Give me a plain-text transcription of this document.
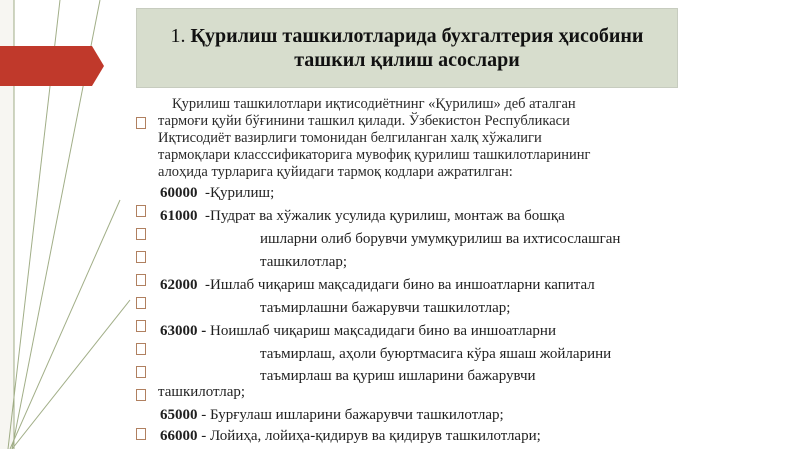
1. Қурилиш ташкилотларида бухгалтерия ҳисобини
ташкил қилиш асослари

Қурилиш ташкилотлари иқтисодиётнинг «Қурилиш» деб аталган
тармоғи қуйи бўғинини ташкил қилади. Ўзбекистон Республикаси
Иқтисодиёт вазирлиги томонидан белгиланган халқ хўжалиги
тармоқлари класссификаторига мувофиқ қурилиш ташкилотларининг
алоҳида турларига қуйидаги тармоқ кодлари ажратилган:

60000 -Қурилиш;
61000 -Пудрат ва хўжалик усулида қурилиш, монтаж ва бошқа
ишларни олиб борувчи умумқурилиш ва ихтисослашган
ташкилотлар;
62000 -Ишлаб чиқариш мақсадидаги бино ва иншоатларни капитал
таъмирлашни бажарувчи ташкилотлар;
63000 - Ноишлаб чиқариш мақсадидаги бино ва иншоатларни
таъмирлаш, аҳоли буюртмасига кўра яшаш жойларини
таъмирлаш ва қуриш ишларини бажарувчи
ташкилотлар;
65000 - Бурғулаш ишларини бажарувчи ташкилотлар;
66000 - Лойиҳа, лойиҳа-қидирув ва қидирув ташкилотлари;
